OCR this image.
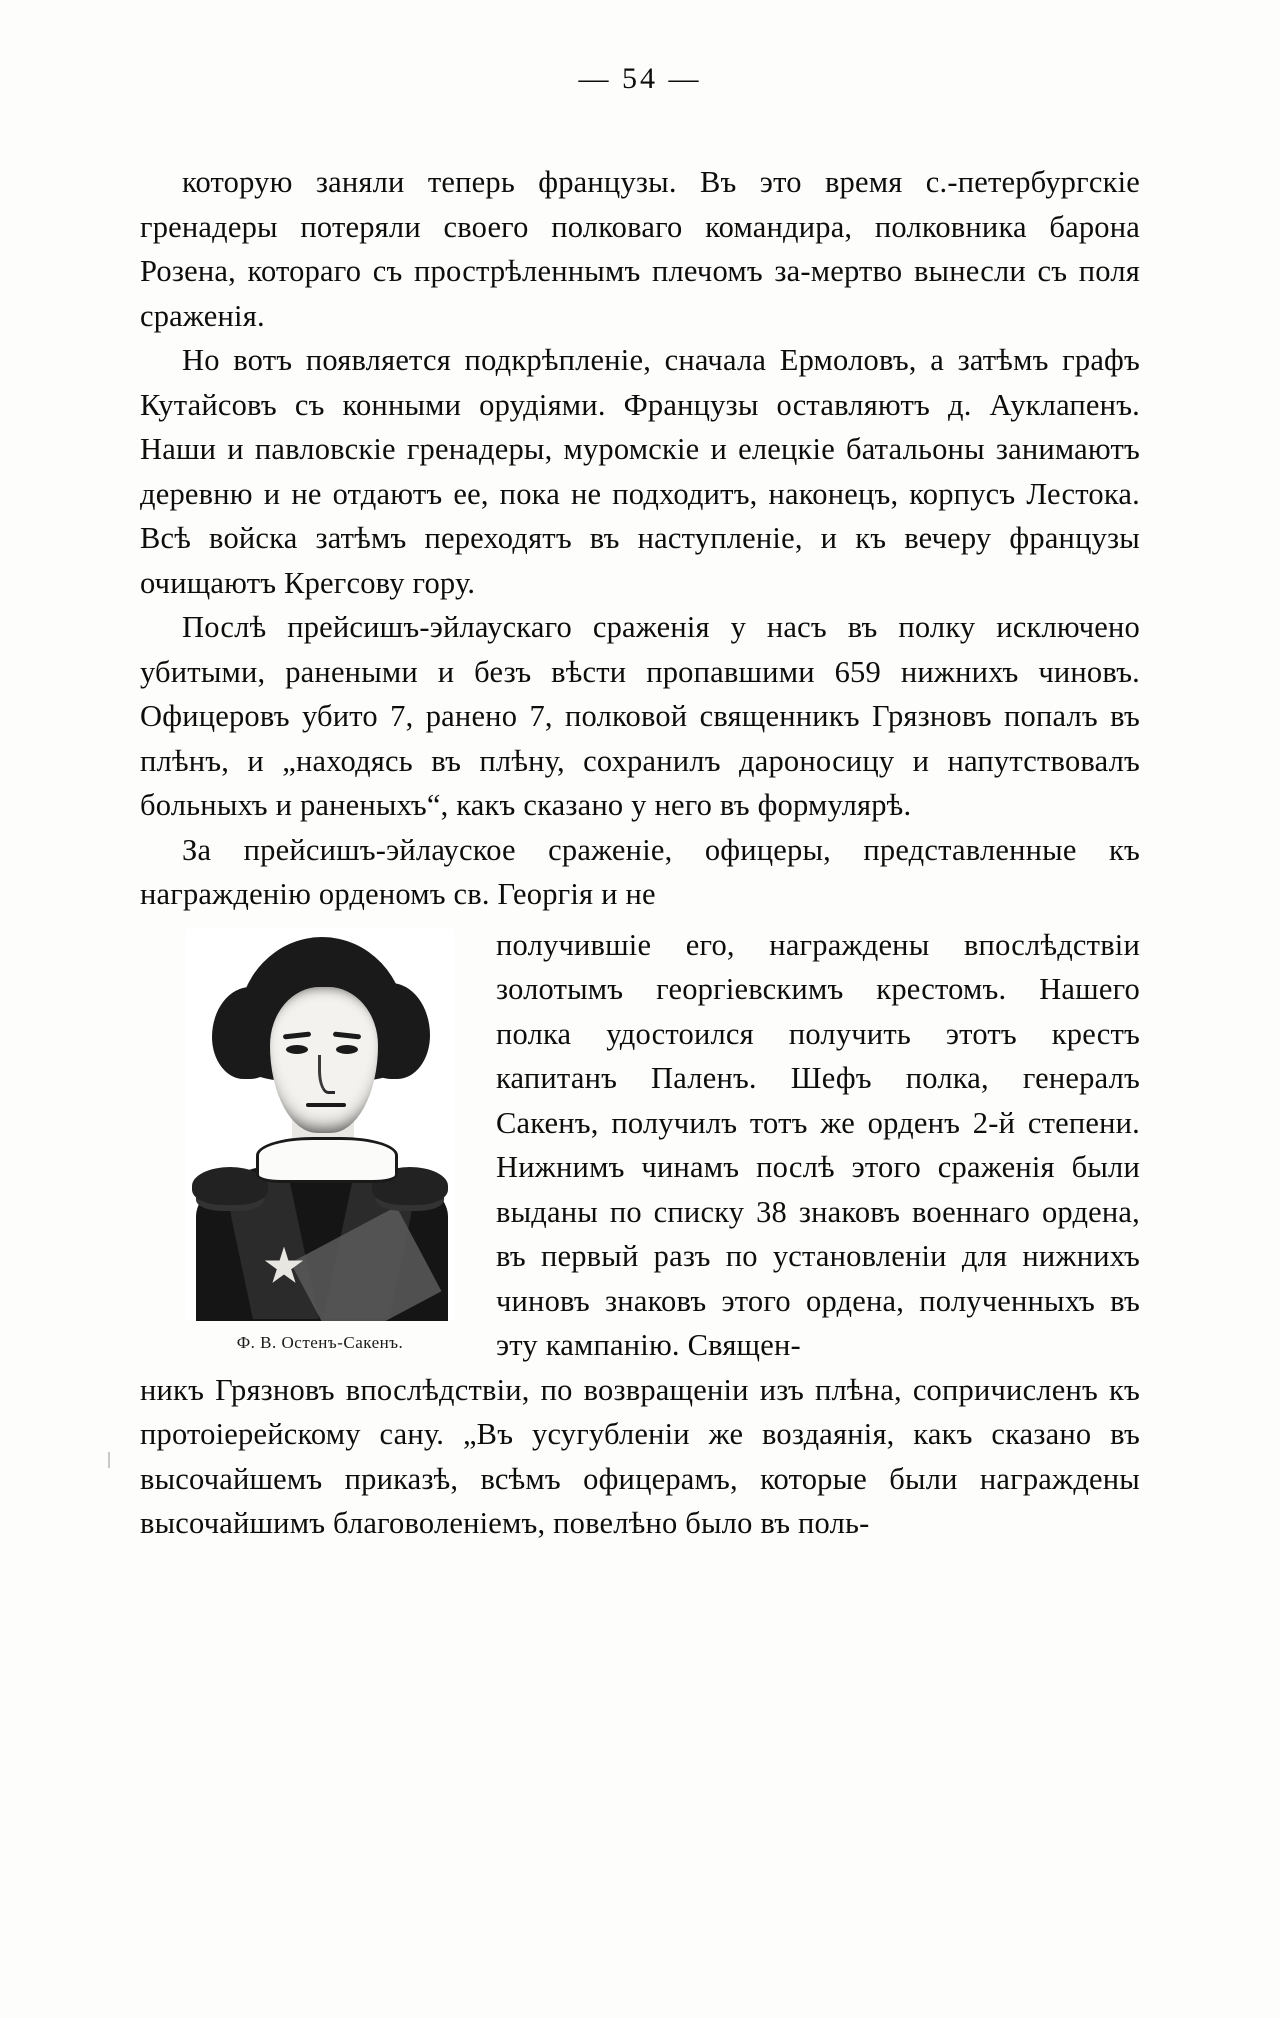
— 54 —

которую заняли теперь французы. Въ это время с.-петербургскіе гренадеры потеряли своего полковаго командира, полковника барона Розена, котораго съ прострѣленнымъ плечомъ за-мертво вынесли съ поля сраженія.

Но вотъ появляется подкрѣпленіе, сначала Ермоловъ, а затѣмъ графъ Кутайсовъ съ конными орудіями. Французы оставляютъ д. Ауклапенъ. Наши и павловскіе гренадеры, муромскіе и елецкіе батальоны занимаютъ деревню и не отдаютъ ее, пока не подходитъ, наконецъ, корпусъ Лестока. Всѣ войска затѣмъ переходятъ въ наступленіе, и къ вечеру французы очищаютъ Крегсову гору.

Послѣ прейсишъ-эйлаускаго сраженія у насъ въ полку исключено убитыми, ранеными и безъ вѣсти пропавшими 659 нижнихъ чиновъ. Офицеровъ убито 7, ранено 7, полковой священникъ Грязновъ попалъ въ плѣнъ, и „находясь въ плѣну, сохранилъ дароносицу и напутствовалъ больныхъ и раненыхъ“, какъ сказано у него въ формулярѣ.

За прейсишъ-эйлауское сраженіе, офицеры, представленные къ награжденію орденомъ св. Георгія и не

Ф. В. Остенъ-Сакенъ.

получившіе его, награждены впослѣдствіи золотымъ георгіевскимъ крестомъ. Нашего полка удостоился получить этотъ крестъ капитанъ Паленъ. Шефъ полка, генералъ Сакенъ, получилъ тотъ же орденъ 2-й степени. Нижнимъ чинамъ послѣ этого сраженія были выданы по списку 38 знаковъ военнаго ордена, въ первый разъ по установленіи для нижнихъ чиновъ знаковъ этого ордена, полученныхъ въ эту кампанію. Священ-

никъ Грязновъ впослѣдствіи, по возвращеніи изъ плѣна, сопричисленъ къ протоіерейскому сану. „Въ усугубленіи же воздаянія, какъ сказано въ высочайшемъ приказѣ, всѣмъ офицерамъ, которые были награждены высочайшимъ благоволеніемъ, повелѣно было въ поль-
